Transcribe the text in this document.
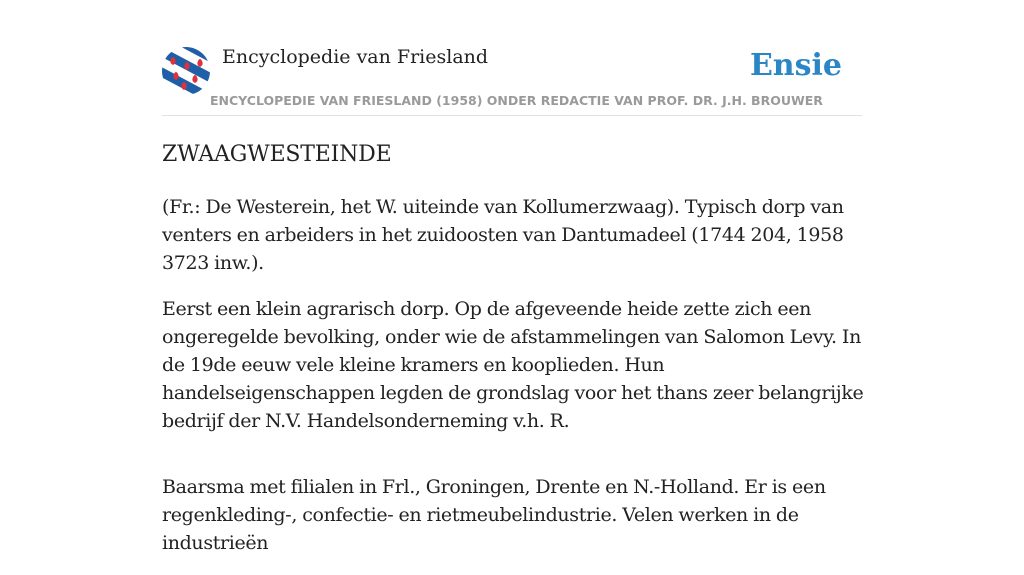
Encyclopedie van Friesland	Ensie
ENCYCLOPEDIE VAN FRIESLAND (1958) ONDER REDACTIE VAN PROF. DR. J.H. BROUWER
ZWAAGWESTEINDE

(Fr.: De Westerein, het W. uiteinde van Kollumerzwaag). Typisch dorp van venters en arbeiders in het zuidoosten van Dantumadeel (1744 204, 1958 3723 inw.).

Eerst een klein agrarisch dorp. Op de afgeveende heide zette zich een ongeregelde bevolking, onder wie de afstammelingen van Salomon Levy. In de 19de eeuw vele kleine kramers en kooplieden. Hun handelseigenschappen legden de grondslag voor het thans zeer belangrijke bedrijf der N.V. Handelsonderneming v.h. R.

Baarsma met filialen in Frl., Groningen, Drente en N.-Holland. Er is een regenkleding-, confectie- en rietmeubelindustrie. Velen werken in de industrieën
